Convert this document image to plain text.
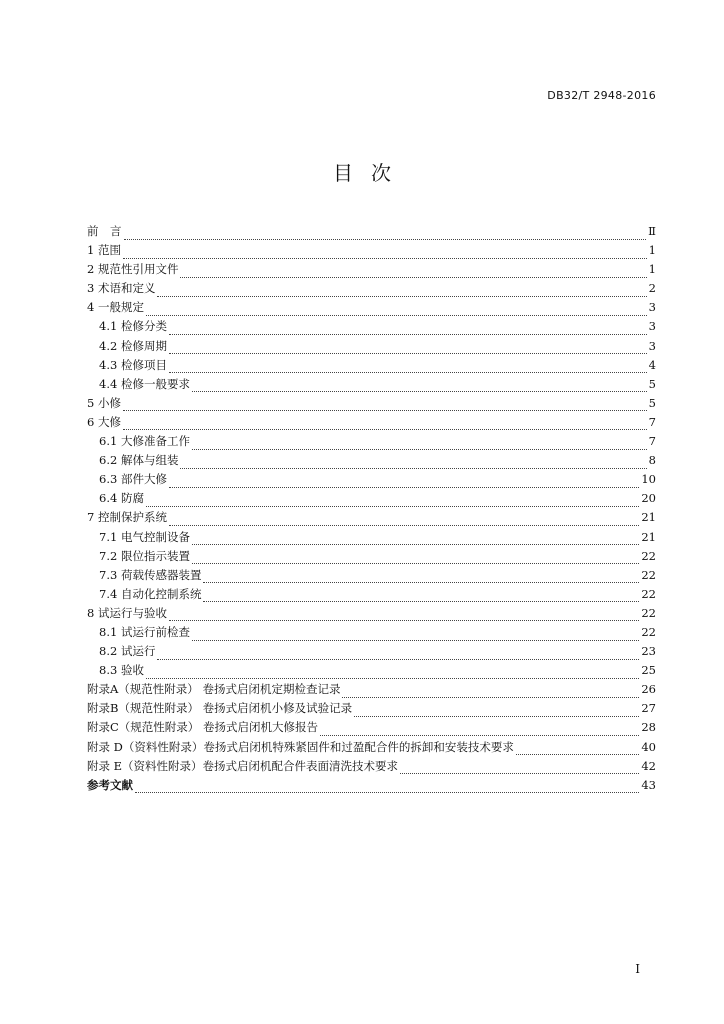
DB32/T 2948-2016
目次
前　言	Ⅱ
1 范围	1
2 规范性引用文件	1
3 术语和定义	2
4 一般规定	3
4.1 检修分类	3
4.2 检修周期	3
4.3 检修项目	4
4.4 检修一般要求	5
5 小修	5
6 大修	7
6.1 大修准备工作	7
6.2 解体与组装	8
6.3 部件大修	10
6.4 防腐	20
7 控制保护系统	21
7.1 电气控制设备	21
7.2 限位指示装置	22
7.3 荷载传感器装置	22
7.4 自动化控制系统	22
8 试运行与验收	22
8.1 试运行前检查	22
8.2 试运行	23
8.3 验收	25
附录A（规范性附录） 卷扬式启闭机定期检查记录	26
附录B（规范性附录） 卷扬式启闭机小修及试验记录	27
附录C（规范性附录） 卷扬式启闭机大修报告	28
附录 D（资料性附录）卷扬式启闭机特殊紧固件和过盈配合件的拆卸和安装技术要求	40
附录 E（资料性附录）卷扬式启闭机配合件表面清洗技术要求	42
参考文献	43
I
